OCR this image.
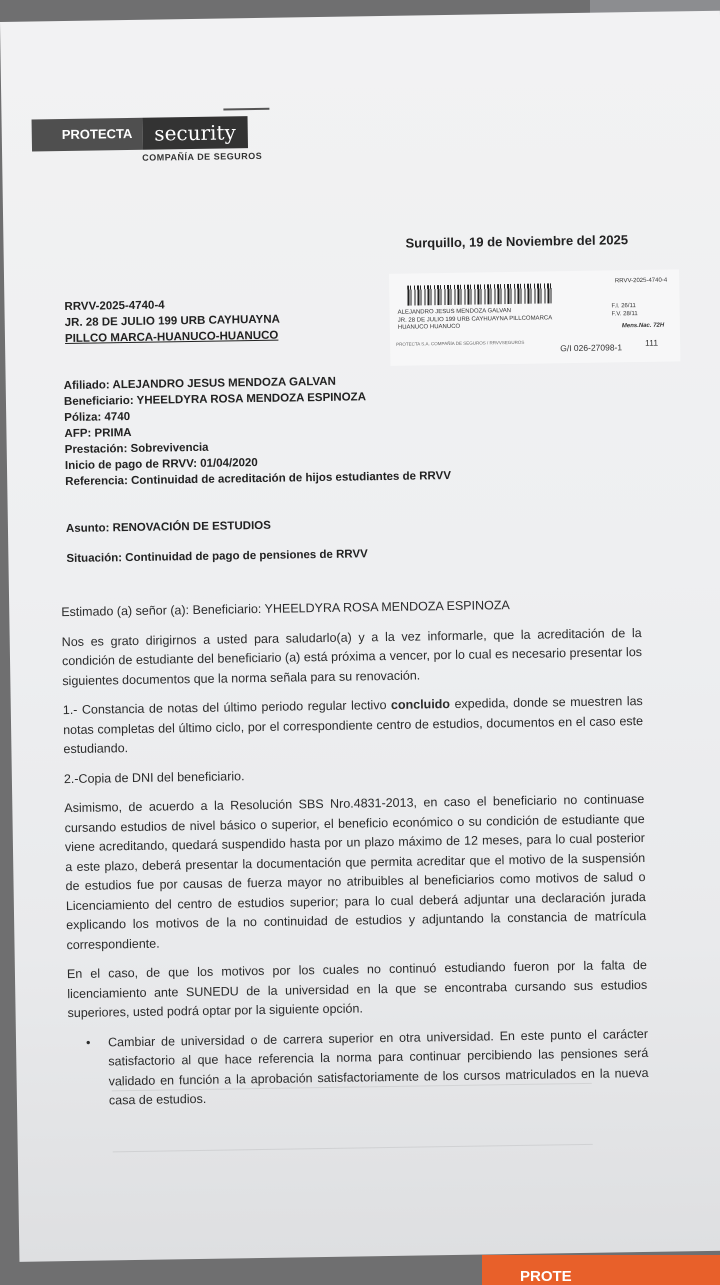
PROTECTA	security
COMPAÑÍA DE SEGUROS
Surquillo, 19 de Noviembre del 2025
RRVV-2025-4740-4
JR. 28 DE JULIO 199 URB CAYHUAYNA
PILLCO MARCA-HUANUCO-HUANUCO
RRVV-2025-4740-4
ALEJANDRO JESUS MENDOZA GALVAN
JR. 28 DE JULIO 199 URB CAYHUAYNA PILLCOMARCA
HUANUCO HUANUCO
F.I. 26/11
F.V. 28/11
Mens.Nac. 72H
PROTECTA S.A. COMPAÑÍA DE SEGUROS / RRVVSEGUROS	G/I 026-27098-1	111
Afiliado: ALEJANDRO JESUS MENDOZA GALVAN
Beneficiario: YHEELDYRA ROSA MENDOZA ESPINOZA
Póliza: 4740
AFP: PRIMA
Prestación: Sobrevivencia
Inicio de pago de RRVV: 01/04/2020
Referencia: Continuidad de acreditación de hijos estudiantes de RRVV
Asunto: RENOVACIÓN DE ESTUDIOS
Situación: Continuidad de pago de pensiones de RRVV

Estimado (a) señor (a): Beneficiario: YHEELDYRA ROSA MENDOZA ESPINOZA

Nos es grato dirigirnos a usted para saludarlo(a) y a la vez informarle, que la acreditación de la condición de estudiante del beneficiario (a) está próxima a vencer, por lo cual es necesario presentar los siguientes documentos que la norma señala para su renovación.

1.- Constancia de notas del último periodo regular lectivo concluido expedida, donde se muestren las notas completas del último ciclo, por el correspondiente centro de estudios, documentos en el caso este estudiando.

2.-Copia de DNI del beneficiario.

Asimismo, de acuerdo a la Resolución SBS Nro.4831-2013, en caso el beneficiario no continuase cursando estudios de nivel básico o superior, el beneficio económico o su condición de estudiante que viene acreditando, quedará suspendido hasta por un plazo máximo de 12 meses, para lo cual posterior a este plazo, deberá presentar la documentación que permita acreditar que el motivo de la suspensión de estudios fue por causas de fuerza mayor no atribuibles al beneficiarios como motivos de salud o Licenciamiento del centro de estudios superior; para lo cual deberá adjuntar una declaración jurada explicando los motivos de la no continuidad de estudios y adjuntando la constancia de matrícula correspondiente.

En el caso, de que los motivos por los cuales no continuó estudiando fueron por la falta de licenciamiento ante SUNEDU de la universidad en la que se encontraba cursando sus estudios superiores, usted podrá optar por la siguiente opción.

•	Cambiar de universidad o de carrera superior en otra universidad. En este punto el carácter satisfactorio al que hace referencia la norma para continuar percibiendo las pensiones será validado en función a la aprobación satisfactoriamente de los cursos matriculados en la nueva casa de estudios.
PROTE
